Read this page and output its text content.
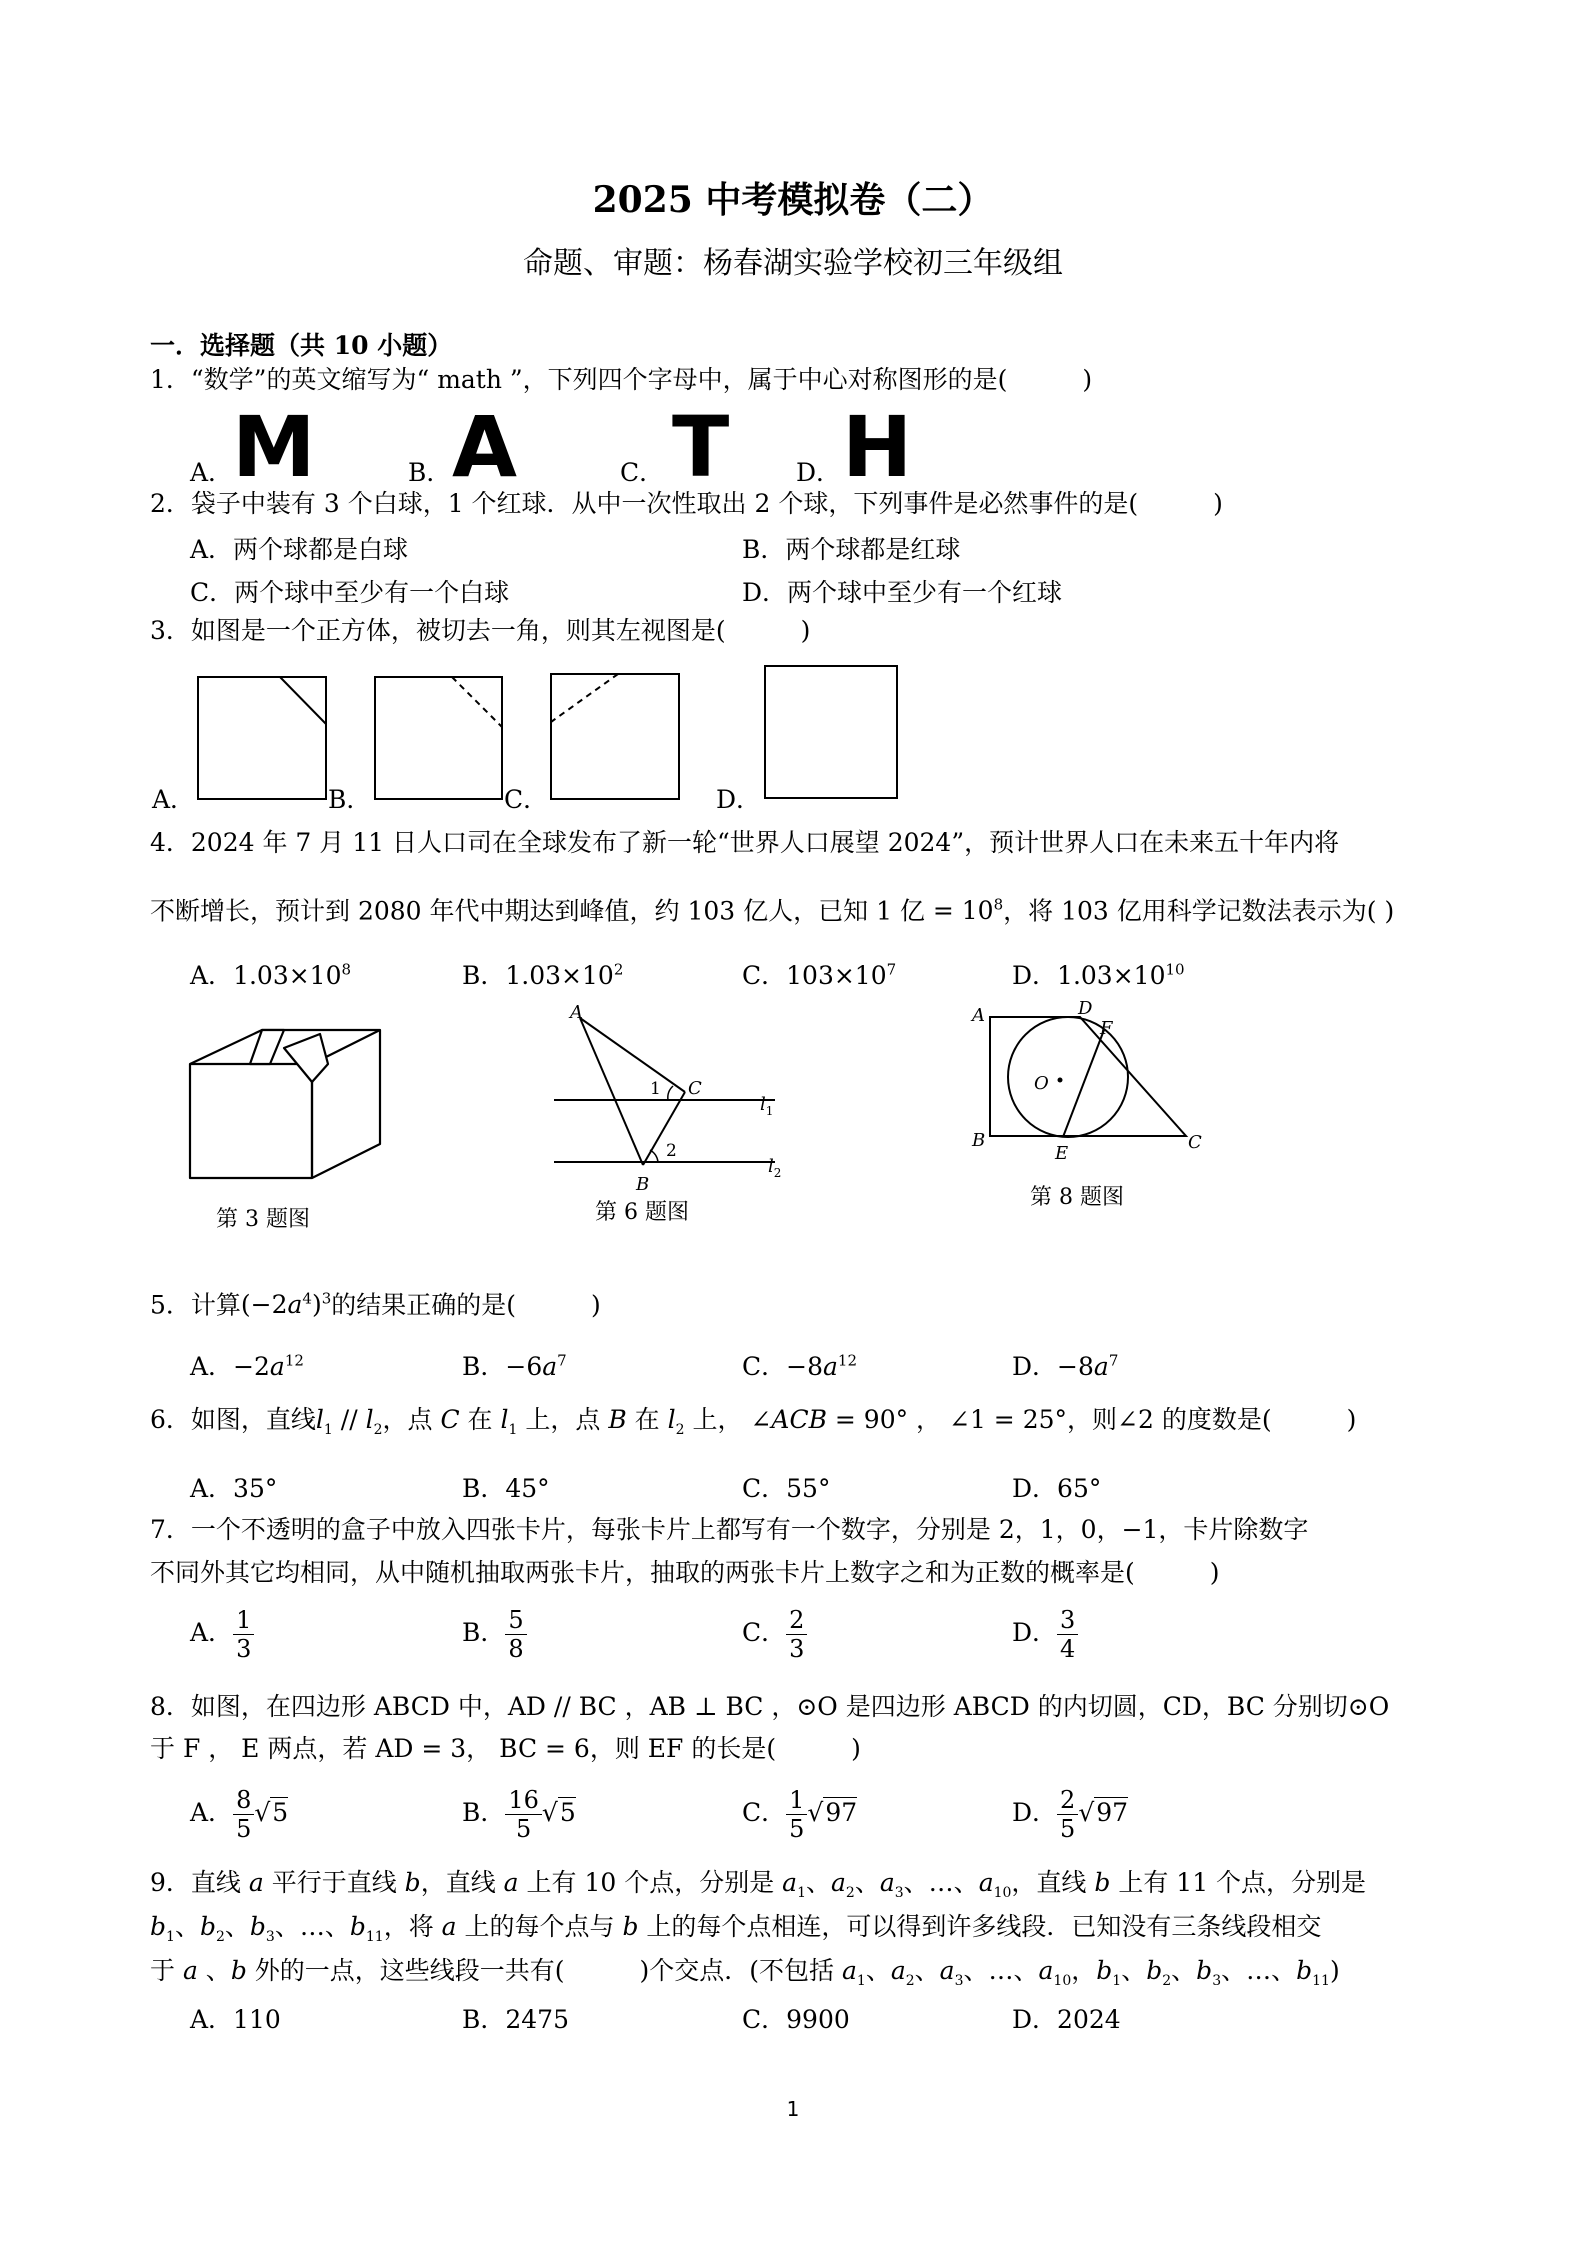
2025 中考模拟卷（二）
命题、审题：杨春湖实验学校初三年级组
一．选择题（共 10 小题）
1．“数学”的英文缩写为“ math ”，下列四个字母中，属于中心对称图形的是(　　　)
A．
M	B． A	C． T	D． H
2．袋子中装有 3 个白球，1 个红球．从中一次性取出 2 个球，下列事件是必然事件的是(　　　)
A．两个球都是白球	B．两个球都是红球
C．两个球中至少有一个白球	D．两个球中至少有一个红球
3．如图是一个正方体，被切去一角，则其左视图是(　　　)
A．	B．	C．	D．
4．2024 年 7 月 11 日人口司在全球发布了新一轮“世界人口展望 2024”，预计世界人口在未来五十年内将
不断增长，预计到 2080 年代中期达到峰值，约 103 亿人，已知 1 亿 = $10^8$，将 103 亿用科学记数法表示为( )
A．$1.03\times 10^8$	B．$1.03\times 10^2$	C．$103\times 10^7$	D．$1.03\times 10^{10}$
第 3 题图
A
B
C
$l_1$
$l_2$
1
2
第 6 题图
A
B	C
D
E
F
O
第 8 题图
5．计算$(-2a^4)^3$的结果正确的是(　　　)
A．$-2a^{12}$	B．$-6a^7$	C．$-8a^{12}$	D．$-8a^7$
6．如图，直线$l_1 // l_2$，点 C 在 $l_1$ 上，点 B 在 $l_2$ 上， ∠ACB = 90° ， ∠1 = 25°，则∠2 的度数是(　　　)
A．35°	B．45°	C．55°	D．65°
7．一个不透明的盒子中放入四张卡片，每张卡片上都写有一个数字，分别是 2，1，0，−1，卡片除数字
不同外其它均相同，从中随机抽取两张卡片，抽取的两张卡片上数字之和为正数的概率是(　　　)
A． $\frac{1}{3}$	B． $\frac{5}{8}$	C． $\frac{2}{3}$	D． $\frac{3}{4}$
8．如图，在四边形 ABCD 中，AD // BC ，AB ⊥ BC ，⊙O 是四边形 ABCD 的内切圆，CD，BC 分别切⊙O
于 F ， E 两点，若 AD = 3， BC = 6，则 EF 的长是(　　　)
A． $\frac{8}{5} √5$	B． $\frac{16}{5} √5$	C． $\frac{1}{5} √97$	D． $\frac{2}{5} √97$
9．直线 a 平行于直线 b，直线 a 上有 10 个点，分别是 $a_1$、$a_2$、$a_3$、…、$a_{10}$，直线 b 上有 11 个点，分别是
$b_1$、$b_2$、$b_3$、…、$b_{11}$，将 a 上的每个点与 b 上的每个点相连，可以得到许多线段．已知没有三条线段相交
于 a 、b 外的一点，这些线段一共有(　　　)个交点．(不包括 $a_1$、$a_2$、$a_3$、…、$a_{10}$，$b_1$、$b_2$、$b_3$、…、$b_{11}$)
A．110	B．2475	C．9900	D．2024
1
